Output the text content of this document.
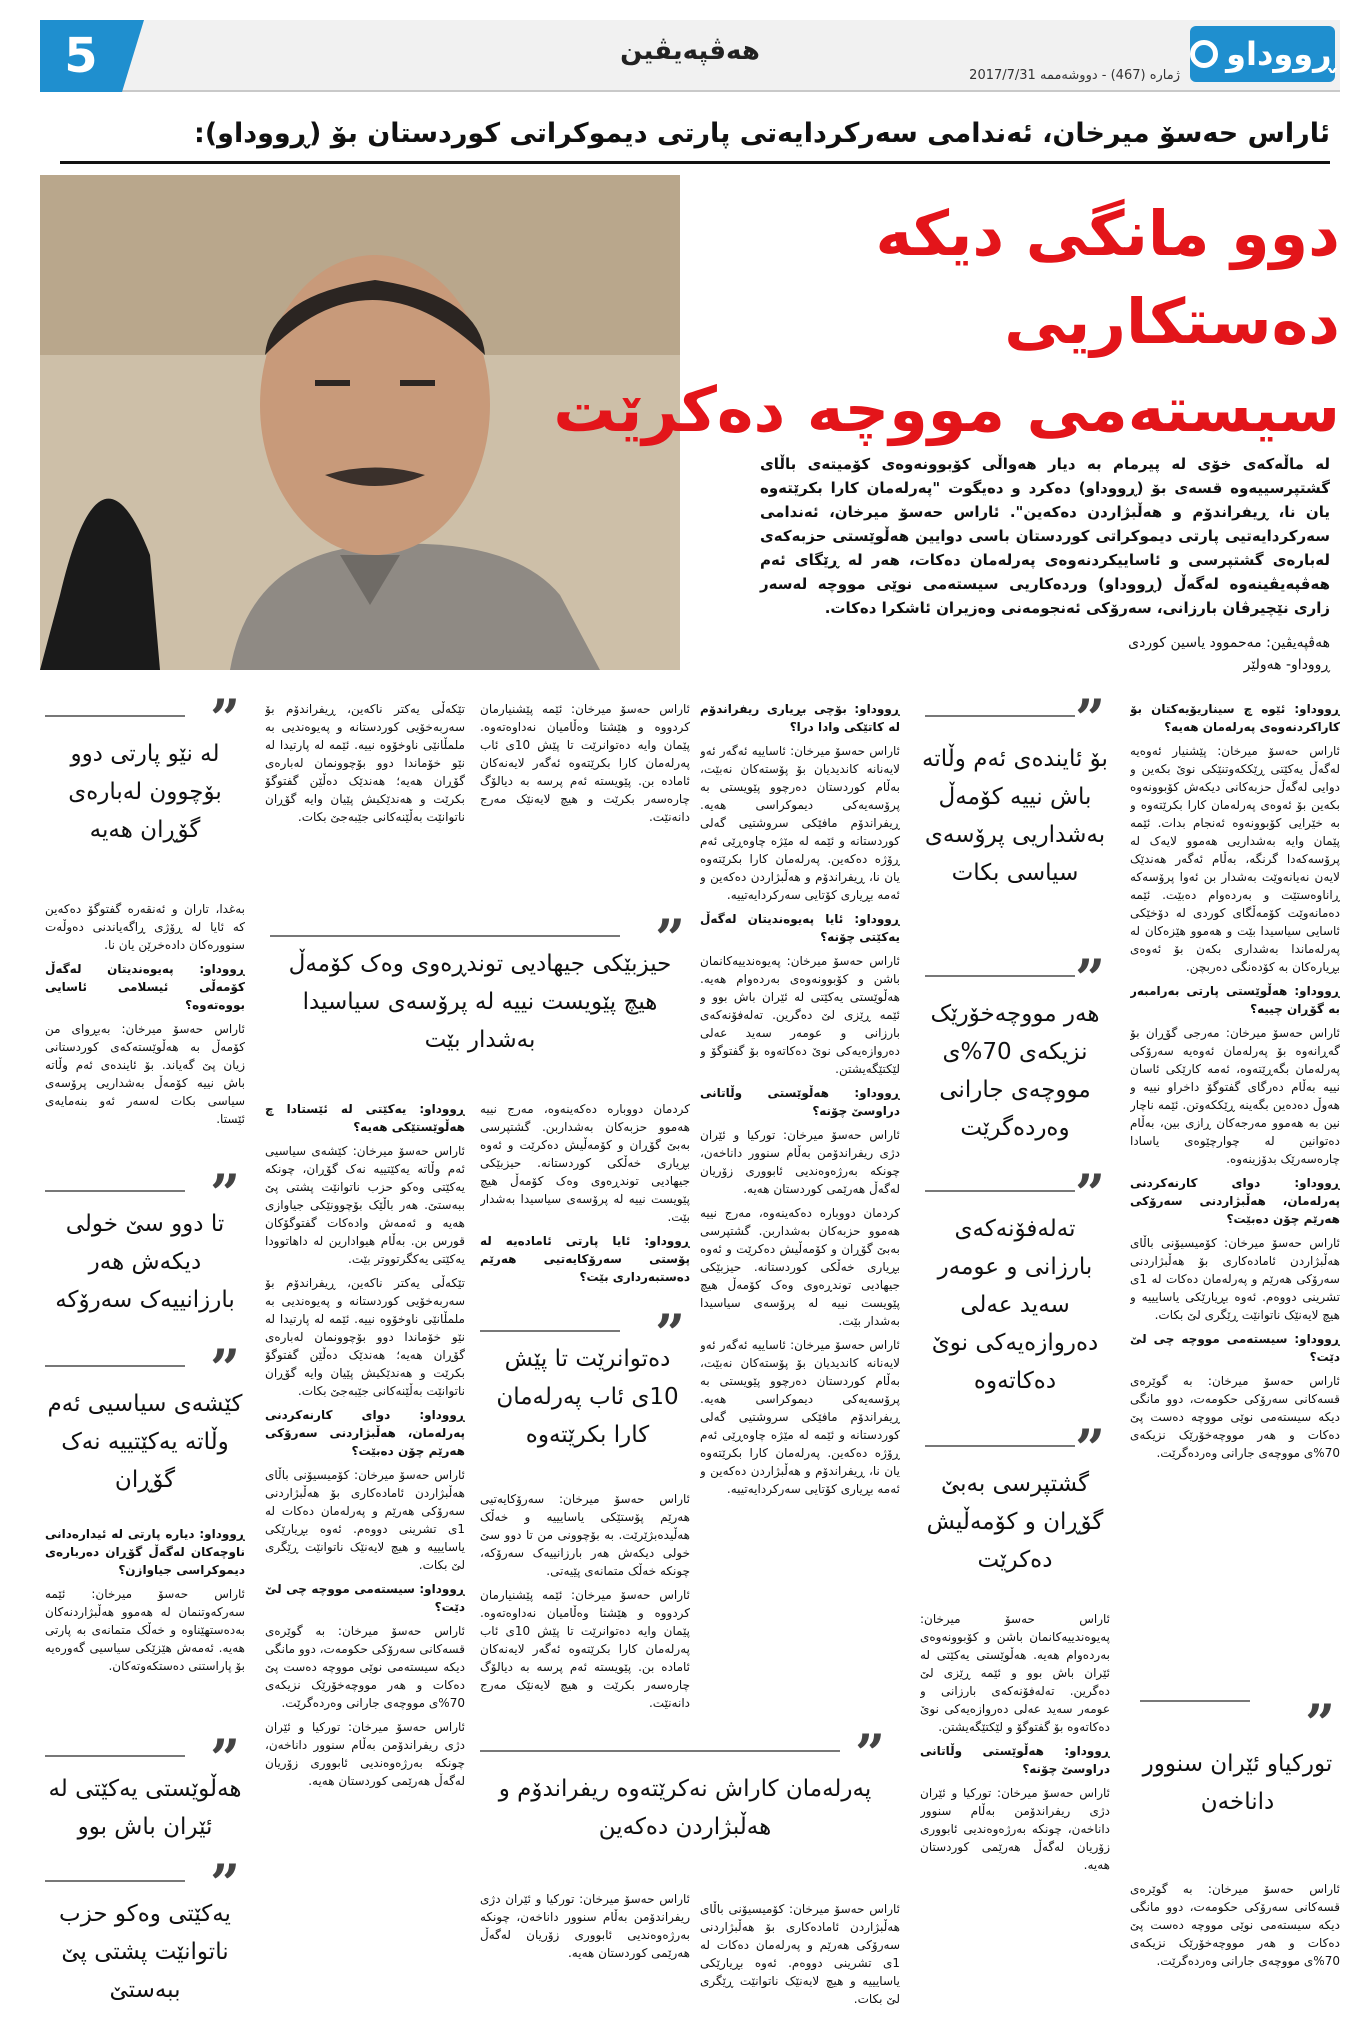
5	هەڤپەیڤین	ڕووداو
ژمارە (467) - دووشەممە 2017/7/31
ئاراس حەسۆ میرخان، ئەندامی سەرکردایەتی پارتی دیموکراتی کوردستان بۆ (ڕووداو):
دوو مانگی دیکە دەستکاریی
سیستەمی مووچە دەکرێت
لە ماڵەکەی خۆی لە پیرمام بە دیار هەواڵی کۆبوونەوەی کۆمیتەی باڵای گشتپرسییەوە قسەی بۆ (ڕووداو) دەکرد و دەیگوت "پەرلەمان کارا بکرێتەوە یان نا، ڕیفراندۆم و هەڵبژاردن دەکەین". ئاراس حەسۆ میرخان، ئەندامی سەرکردایەتیی پارتی دیموکراتی کوردستان باسی دوایین هەڵوێستی حزبەکەی لەبارەی گشتپرسی و ئاساییکردنەوەی پەرلەمان دەکات، هەر لە ڕێگای ئەم هەڤپەیڤینەوە لەگەڵ (ڕووداو) وردەکاریی سیستەمی نوێی مووچە لەسەر زاری نێچیرڤان بارزانی، سەرۆکی ئەنجومەنی وەزیران ئاشکرا دەکات.
هەڤپەیڤین: مەحموود یاسین کوردی
ڕووداو- هەولێر

ڕووداو: ئێوە چ سیناریۆیەکتان بۆ کاراکردنەوەی پەرلەمان هەیە؟

ئاراس حەسۆ میرخان: پێشنیار ئەوەیە لەگەڵ یەکێتی ڕێککەوتنێکی نوێ بکەین و دوایی لەگەڵ حزبەکانی دیکەش کۆبوونەوە بکەین بۆ ئەوەی پەرلەمان کارا بکرێتەوە و بە خێرایی کۆبوونەوە ئەنجام بدات. ئێمە پێمان وایە بەشداریی هەموو لایەک لە پرۆسەکەدا گرنگە، بەڵام ئەگەر هەندێک لایەن نەیانەوێت بەشدار بن ئەوا پرۆسەکە ڕاناوەستێت و بەردەوام دەبێت. ئێمە دەمانەوێت کۆمەڵگای کوردی لە دۆخێکی ئاسایی سیاسیدا بێت و هەموو هێزەکان لە پەرلەماندا بەشداری بکەن بۆ ئەوەی بڕیارەکان بە کۆدەنگی دەربچن.

ڕووداو: هەڵوێستی پارتی بەرامبەر بە گۆڕان چییە؟

ئاراس حەسۆ میرخان: مەرجی گۆڕان بۆ گەڕانەوە بۆ پەرلەمان ئەوەیە سەرۆکی پەرلەمان بگەڕێتەوە، ئەمە کارێکی ئاسان نییە بەڵام دەرگای گفتوگۆ داخراو نییە و هەوڵ دەدەین بگەینە ڕێککەوتن. ئێمە ناچار نین بە هەموو مەرجەکان ڕازی بین، بەڵام دەتوانین لە چوارچێوەی یاسادا چارەسەرێک بدۆزینەوە.

ڕووداو: دوای کارنەکردنی پەرلەمان، هەڵبژاردنی سەرۆکی هەرێم چۆن دەبێت؟

ئاراس حەسۆ میرخان: کۆمیسیۆنی باڵای هەڵبژاردن ئامادەکاری بۆ هەڵبژاردنی سەرۆکی هەرێم و پەرلەمان دەکات لە 1ی تشرینی دووەم. ئەوە بڕیارێکی یاسایییە و هیچ لایەنێک ناتوانێت ڕێگری لێ بکات.

ڕووداو: سیستەمی مووچە چی لێ دێت؟

ئاراس حەسۆ میرخان: بە گوێرەی قسەکانی سەرۆکی حکومەت، دوو مانگی دیکە سیستەمی نوێی مووچە دەست پێ دەکات و هەر مووچەخۆرێک نزیکەی 70%ی مووچەی جارانی وەردەگرێت.

”
تورکیاو ئێران سنوور داناخەن

ئاراس حەسۆ میرخان: بە گوێرەی قسەکانی سەرۆکی حکومەت، دوو مانگی دیکە سیستەمی نوێی مووچە دەست پێ دەکات و هەر مووچەخۆرێک نزیکەی 70%ی مووچەی جارانی وەردەگرێت.

”
بۆ ئایندەی ئەم وڵاتە باش نییە کۆمەڵ بەشداریی پرۆسەی سیاسی بکات
”
هەر مووچەخۆرێک نزیکەی 70%ی مووچەی جارانی وەردەگرێت
”
تەلەفۆنەکەی بارزانی و عومەر سەید عەلی دەروازەیەکی نوێ دەکاتەوە
”
گشتپرسی بەبێ گۆڕان و کۆمەڵیش دەکرێت

ئاراس حەسۆ میرخان: پەیوەندییەکانمان باشن و کۆبوونەوەی بەردەوام هەیە. هەڵوێستی یەکێتی لە ئێران باش بوو و ئێمە ڕێزی لێ دەگرین. تەلەفۆنەکەی بارزانی و عومەر سەید عەلی دەروازەیەکی نوێ دەکاتەوە بۆ گفتوگۆ و لێکتێگەیشتن.

ڕووداو: هەڵوێستی وڵاتانی دراوسێ چۆنە؟

ئاراس حەسۆ میرخان: تورکیا و ئێران دژی ریفراندۆمن بەڵام سنوور داناخەن، چونکە بەرژەوەندیی ئابووری زۆریان لەگەڵ هەرێمی کوردستان هەیە.

ڕووداو: بۆچی بڕیاری ریفراندۆم لە کاتێکی وادا درا؟

ئاراس حەسۆ میرخان: ئاساییە ئەگەر ئەو لایەنانە کاندیدیان بۆ پۆستەکان نەبێت، بەڵام کوردستان دەرچوو پێویستی بە پرۆسەیەکی دیموکراسی هەیە. ڕیفراندۆم مافێکی سروشتیی گەلی کوردستانە و ئێمە لە مێژە چاوەڕێی ئەم ڕۆژە دەکەین. پەرلەمان کارا بکرێتەوە یان نا، ڕیفراندۆم و هەڵبژاردن دەکەین و ئەمە بڕیاری کۆتایی سەرکردایەتییە.

ڕووداو: ئایا پەیوەندیتان لەگەڵ یەکێتی چۆنە؟

ئاراس حەسۆ میرخان: پەیوەندییەکانمان باشن و کۆبوونەوەی بەردەوام هەیە. هەڵوێستی یەکێتی لە ئێران باش بوو و ئێمە ڕێزی لێ دەگرین. تەلەفۆنەکەی بارزانی و عومەر سەید عەلی دەروازەیەکی نوێ دەکاتەوە بۆ گفتوگۆ و لێکتێگەیشتن.

ڕووداو: هەڵوێستی وڵاتانی دراوسێ چۆنە؟

ئاراس حەسۆ میرخان: تورکیا و ئێران دژی ریفراندۆمن بەڵام سنوور داناخەن، چونکە بەرژەوەندیی ئابووری زۆریان لەگەڵ هەرێمی کوردستان هەیە.

کردمان دووبارە دەکەینەوە، مەرج نییە هەموو حزبەکان بەشداربن. گشتپرسی بەبێ گۆڕان و کۆمەڵیش دەکرێت و ئەوە بڕیاری خەڵکی کوردستانە. حیزبێکی جیهادیی توندڕەوی وەک کۆمەڵ هیچ پێویست نییە لە پرۆسەی سیاسیدا بەشدار بێت.

ئاراس حەسۆ میرخان: ئاساییە ئەگەر ئەو لایەنانە کاندیدیان بۆ پۆستەکان نەبێت، بەڵام کوردستان دەرچوو پێویستی بە پرۆسەیەکی دیموکراسی هەیە. ڕیفراندۆم مافێکی سروشتیی گەلی کوردستانە و ئێمە لە مێژە چاوەڕێی ئەم ڕۆژە دەکەین. پەرلەمان کارا بکرێتەوە یان نا، ڕیفراندۆم و هەڵبژاردن دەکەین و ئەمە بڕیاری کۆتایی سەرکردایەتییە.

ئاراس حەسۆ میرخان: کۆمیسیۆنی باڵای هەڵبژاردن ئامادەکاری بۆ هەڵبژاردنی سەرۆکی هەرێم و پەرلەمان دەکات لە 1ی تشرینی دووەم. ئەوە بڕیارێکی یاسایییە و هیچ لایەنێک ناتوانێت ڕێگری لێ بکات.

ئاراس حەسۆ میرخان: ئێمە پێشنیارمان کردووە و هێشتا وەڵامیان نەداوەتەوە. پێمان وایە دەتوانرێت تا پێش 10ی ئاب پەرلەمان کارا بکرێتەوە ئەگەر لایەنەکان ئامادە بن. پێویستە ئەم پرسە بە دیالۆگ چارەسەر بکرێت و هیچ لایەنێک مەرج دانەنێت.

کردمان دووبارە دەکەینەوە، مەرج نییە هەموو حزبەکان بەشداربن. گشتپرسی بەبێ گۆڕان و کۆمەڵیش دەکرێت و ئەوە بڕیاری خەڵکی کوردستانە. حیزبێکی جیهادیی توندڕەوی وەک کۆمەڵ هیچ پێویست نییە لە پرۆسەی سیاسیدا بەشدار بێت.

ڕووداو: ئایا پارتی ئامادەیە لە پۆستی سەرۆکایەتیی هەرێم دەستبەرداری بێت؟

”
دەتوانرێت تا پێش 10ی ئاب پەرلەمان کارا بکرێتەوە

ئاراس حەسۆ میرخان: سەرۆکایەتیی هەرێم پۆستێکی یاسایییە و خەڵک هەڵیدەبژێرێت. بە بۆچوونی من تا دوو سێ خولی دیکەش هەر بارزانییەک سەرۆکە، چونکە خەڵک متمانەی پێیەتی.

ئاراس حەسۆ میرخان: ئێمە پێشنیارمان کردووە و هێشتا وەڵامیان نەداوەتەوە. پێمان وایە دەتوانرێت تا پێش 10ی ئاب پەرلەمان کارا بکرێتەوە ئەگەر لایەنەکان ئامادە بن. پێویستە ئەم پرسە بە دیالۆگ چارەسەر بکرێت و هیچ لایەنێک مەرج دانەنێت.

”
حیزبێکی جیهادیی توندڕەوی وەک کۆمەڵ هیچ پێویست نییە لە پرۆسەی سیاسیدا بەشدار بێت
”
پەرلەمان کاراش نەکرێتەوە ریفراندۆم و هەڵبژاردن دەکەین

ئاراس حەسۆ میرخان: تورکیا و ئێران دژی ریفراندۆمن بەڵام سنوور داناخەن، چونکە بەرژەوەندیی ئابووری زۆریان لەگەڵ هەرێمی کوردستان هەیە.

تێکەڵی یەکتر ناکەین، ڕیفراندۆم بۆ سەربەخۆیی کوردستانە و پەیوەندیی بە ملمڵانێی ناوخۆوە نییە. ئێمە لە پارتیدا لە نێو خۆماندا دوو بۆچوونمان لەبارەی گۆڕان هەیە؛ هەندێک دەڵێن گفتوگۆ بکرێت و هەندێکیش پێیان وایە گۆڕان ناتوانێت بەڵێنەکانی جێبەجێ بکات.

ڕووداو: یەکێتی لە ئێستادا چ هەڵوێستێکی هەیە؟

ئاراس حەسۆ میرخان: کێشەی سیاسیی ئەم وڵاتە یەکێتییە نەک گۆڕان، چونکە یەکێتی وەکو حزب ناتوانێت پشتی پێ ببەستێ. هەر باڵێک بۆچوونێکی جیاوازی هەیە و ئەمەش وادەکات گفتوگۆکان قورس بن. بەڵام هیوادارین لە داهاتوودا یەکێتی یەکگرتووتر بێت.

تێکەڵی یەکتر ناکەین، ڕیفراندۆم بۆ سەربەخۆیی کوردستانە و پەیوەندیی بە ملمڵانێی ناوخۆوە نییە. ئێمە لە پارتیدا لە نێو خۆماندا دوو بۆچوونمان لەبارەی گۆڕان هەیە؛ هەندێک دەڵێن گفتوگۆ بکرێت و هەندێکیش پێیان وایە گۆڕان ناتوانێت بەڵێنەکانی جێبەجێ بکات.

ڕووداو: دوای کارنەکردنی پەرلەمان، هەڵبژاردنی سەرۆکی هەرێم چۆن دەبێت؟

ئاراس حەسۆ میرخان: کۆمیسیۆنی باڵای هەڵبژاردن ئامادەکاری بۆ هەڵبژاردنی سەرۆکی هەرێم و پەرلەمان دەکات لە 1ی تشرینی دووەم. ئەوە بڕیارێکی یاسایییە و هیچ لایەنێک ناتوانێت ڕێگری لێ بکات.

ڕووداو: سیستەمی مووچە چی لێ دێت؟

ئاراس حەسۆ میرخان: بە گوێرەی قسەکانی سەرۆکی حکومەت، دوو مانگی دیکە سیستەمی نوێی مووچە دەست پێ دەکات و هەر مووچەخۆرێک نزیکەی 70%ی مووچەی جارانی وەردەگرێت.

ئاراس حەسۆ میرخان: تورکیا و ئێران دژی ریفراندۆمن بەڵام سنوور داناخەن، چونکە بەرژەوەندیی ئابووری زۆریان لەگەڵ هەرێمی کوردستان هەیە.

”
لە نێو پارتی دوو بۆچوون لەبارەی گۆڕان هەیە

بەغدا، تاران و ئەنقەرە گفتوگۆ دەکەین کە ئایا لە ڕۆژی ڕاگەیاندنی دەوڵەت سنوورەکان دادەخرێن یان نا.

ڕووداو: پەیوەندیتان لەگەڵ کۆمەڵی ئیسلامی ئاسایی بووەتەوە؟

ئاراس حەسۆ میرخان: بەبڕوای من کۆمەڵ بە هەڵوێستەکەی کوردستانی زیان پێ گەیاند. بۆ ئایندەی ئەم وڵاتە باش نییە کۆمەڵ بەشداریی پرۆسەی سیاسی بکات لەسەر ئەو بنەمایەی ئێستا.

”
تا دوو سێ خولی دیکەش هەر بارزانییەک سەرۆکە
”
کێشەی سیاسیی ئەم وڵاتە یەکێتییە نەک گۆڕان

ڕووداو: دیارە پارتی لە ئیدارەدانی ناوچەکان لەگەڵ گۆڕان دەربارەی دیموکراسی جیاوازن؟

ئاراس حەسۆ میرخان: ئێمە سەرکەوتنمان لە هەموو هەڵبژاردنەکان بەدەستهێناوە و خەڵک متمانەی بە پارتی هەیە. ئەمەش هێزێکی سیاسیی گەورەیە بۆ پاراستنی دەستکەوتەکان.

”
هەڵوێستی یەکێتی لە ئێران باش بوو
”
یەکێتی وەکو حزب ناتوانێت پشتی پێ ببەستێ
